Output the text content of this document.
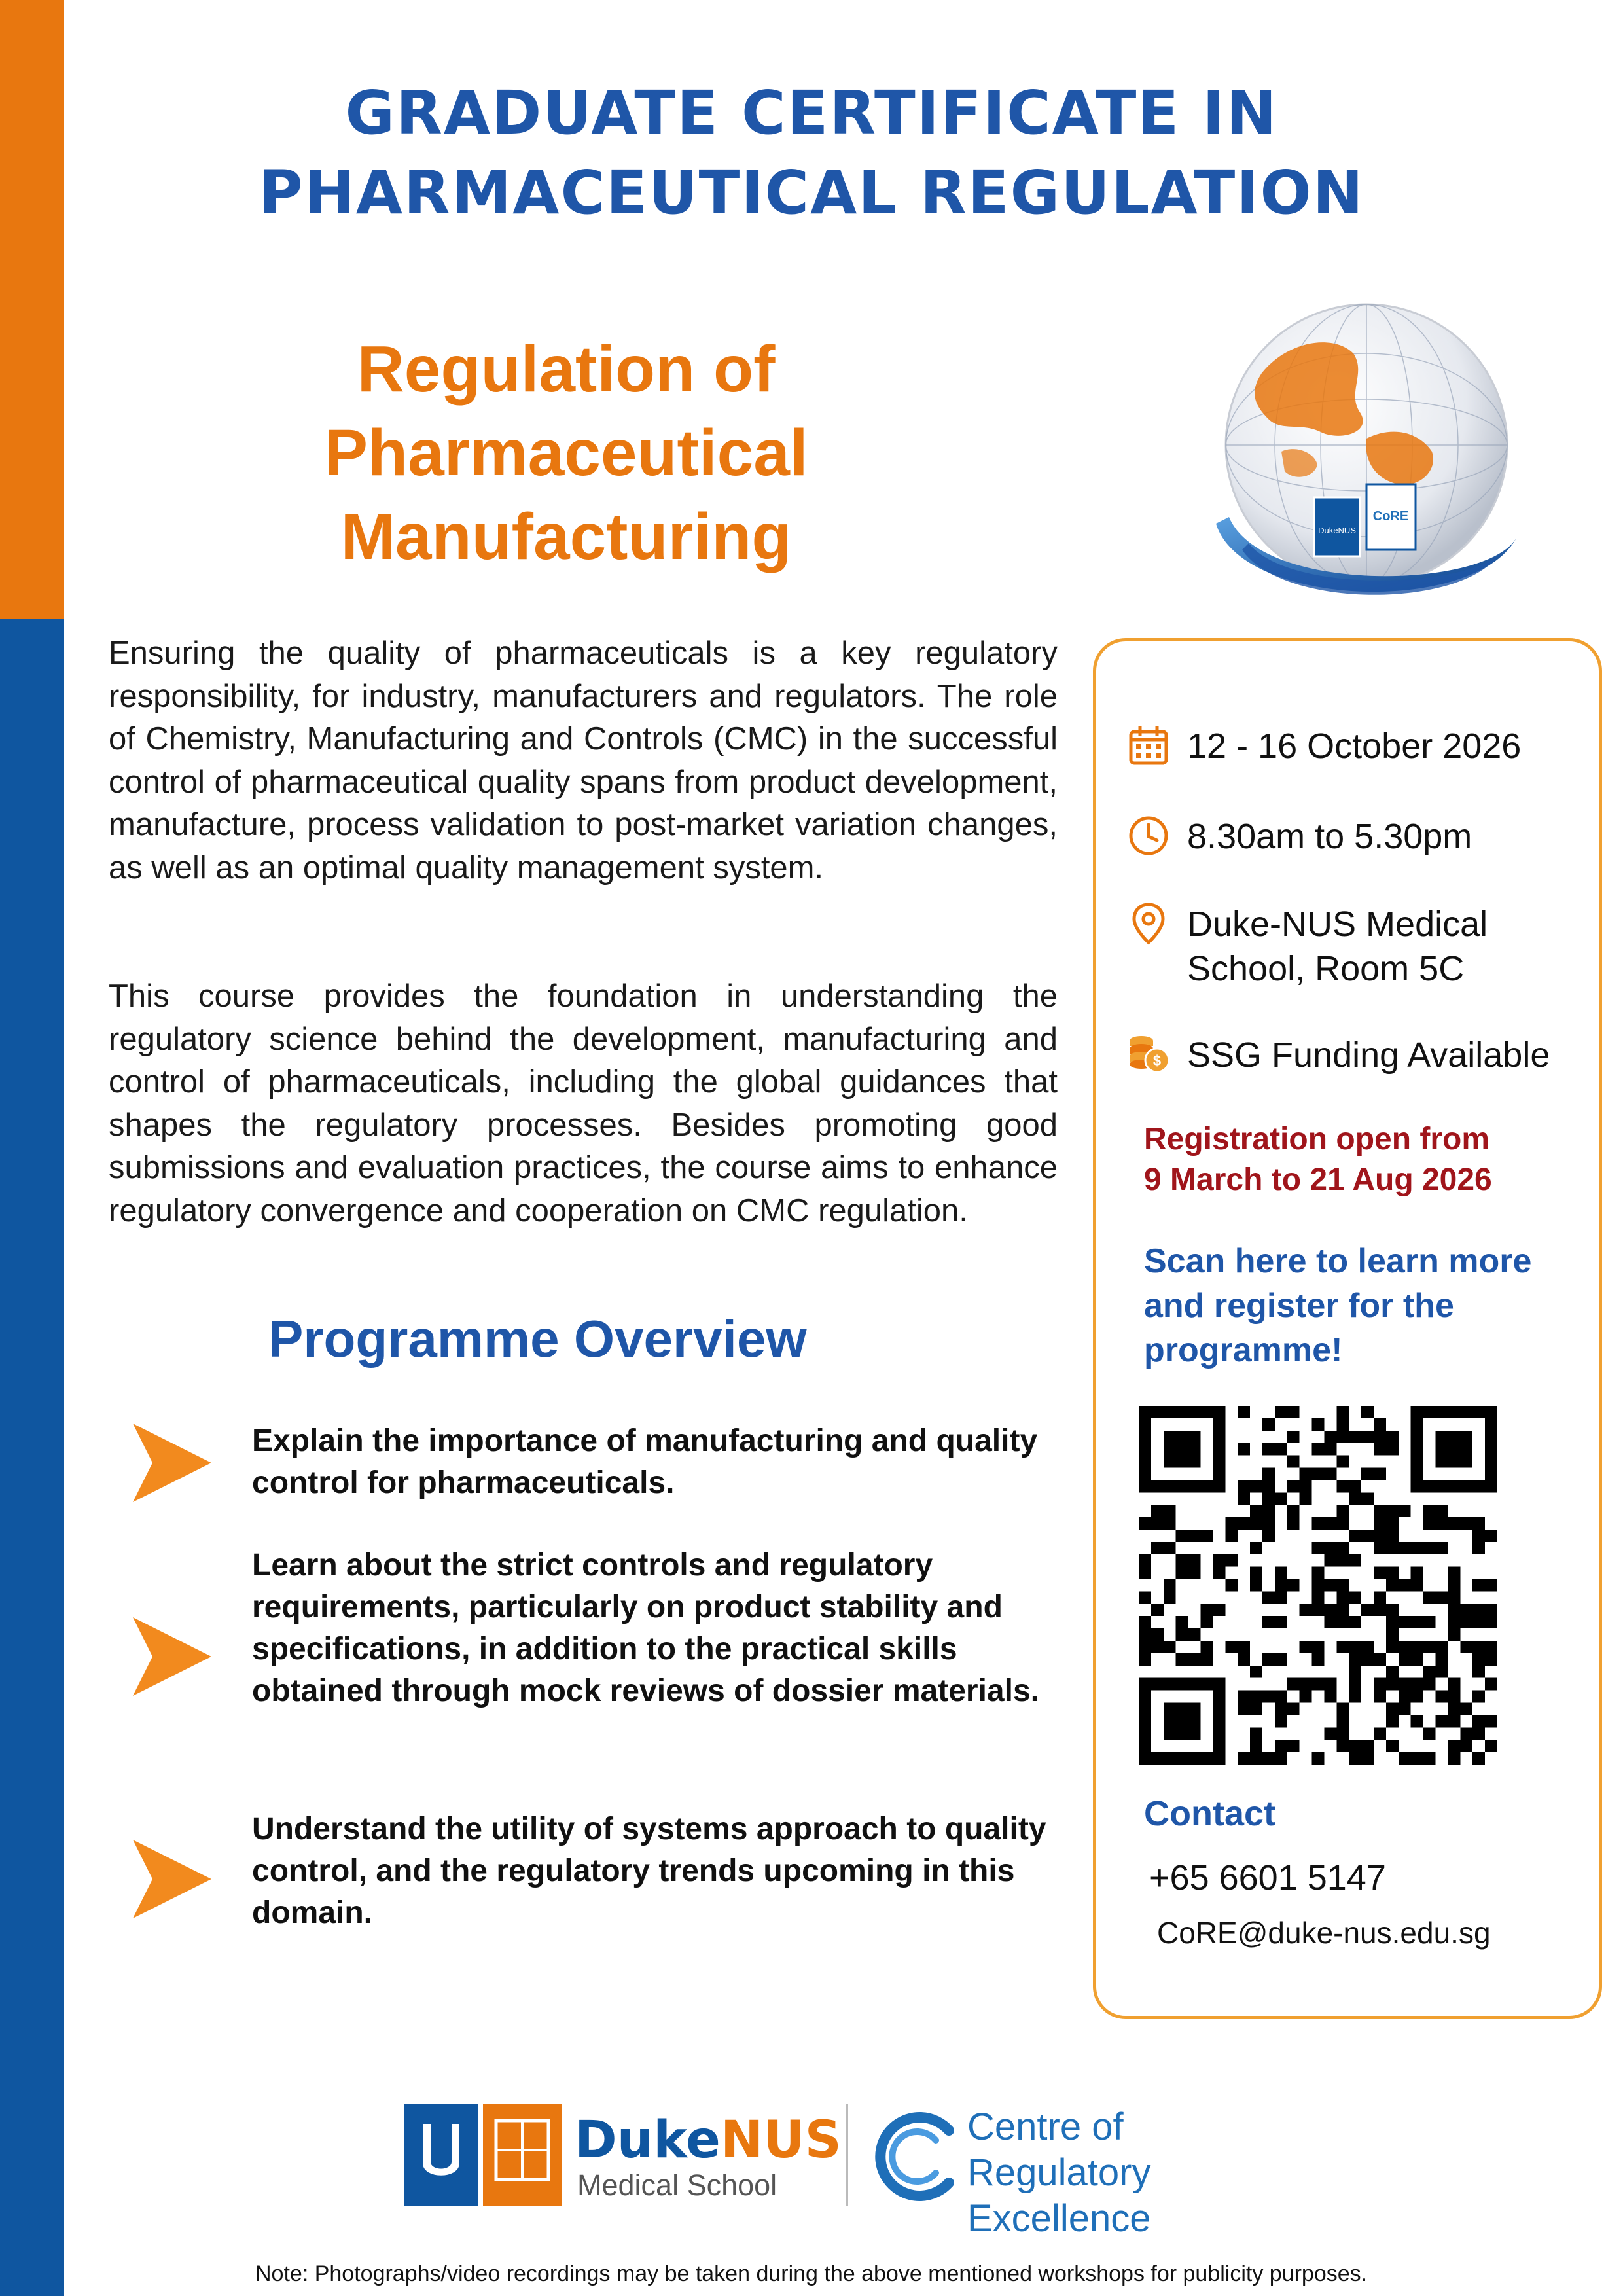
GRADUATE CERTIFICATE IN
PHARMACEUTICAL REGULATION
Regulation of Pharmaceutical
Manufacturing	DukeNUS
CoRE
Ensuring the quality of pharmaceuticals is a key regulatory responsibility, for industry, manufacturers and regulators. The role of Chemistry, Manufacturing and Controls (CMC) in the successful control of pharmaceutical quality spans from product development, manufacture, process validation to post-market variation changes, as well as an optimal quality management system.
This course provides the foundation in understanding the regulatory science behind the development, manufacturing and control of pharmaceuticals, including the global guidances that shapes the regulatory processes. Besides promoting good submissions and evaluation practices, the course aims to enhance regulatory convergence and cooperation on CMC regulation.
Programme Overview
Explain the importance of manufacturing and quality control for pharmaceuticals.
Learn about the strict controls and regulatory requirements, particularly on product stability and specifications, in addition to the practical skills obtained through mock reviews of dossier materials.
Understand the utility of systems approach to quality control, and the regulatory trends upcoming in this domain.
12 - 16 October 2026
8.30am to 5.30pm
Duke-NUS Medical
School, Room 5C
$ SSG Funding Available
Registration open from
9 March to 21 Aug 2026
Scan here to learn more
and register for the
programme!
Contact
+65 6601 5147
CoRE@duke-nus.edu.sg
DukeNUS
Medical School
Centre of
Regulatory Excellence
Note: Photographs/video recordings may be taken during the above mentioned workshops for publicity purposes.
